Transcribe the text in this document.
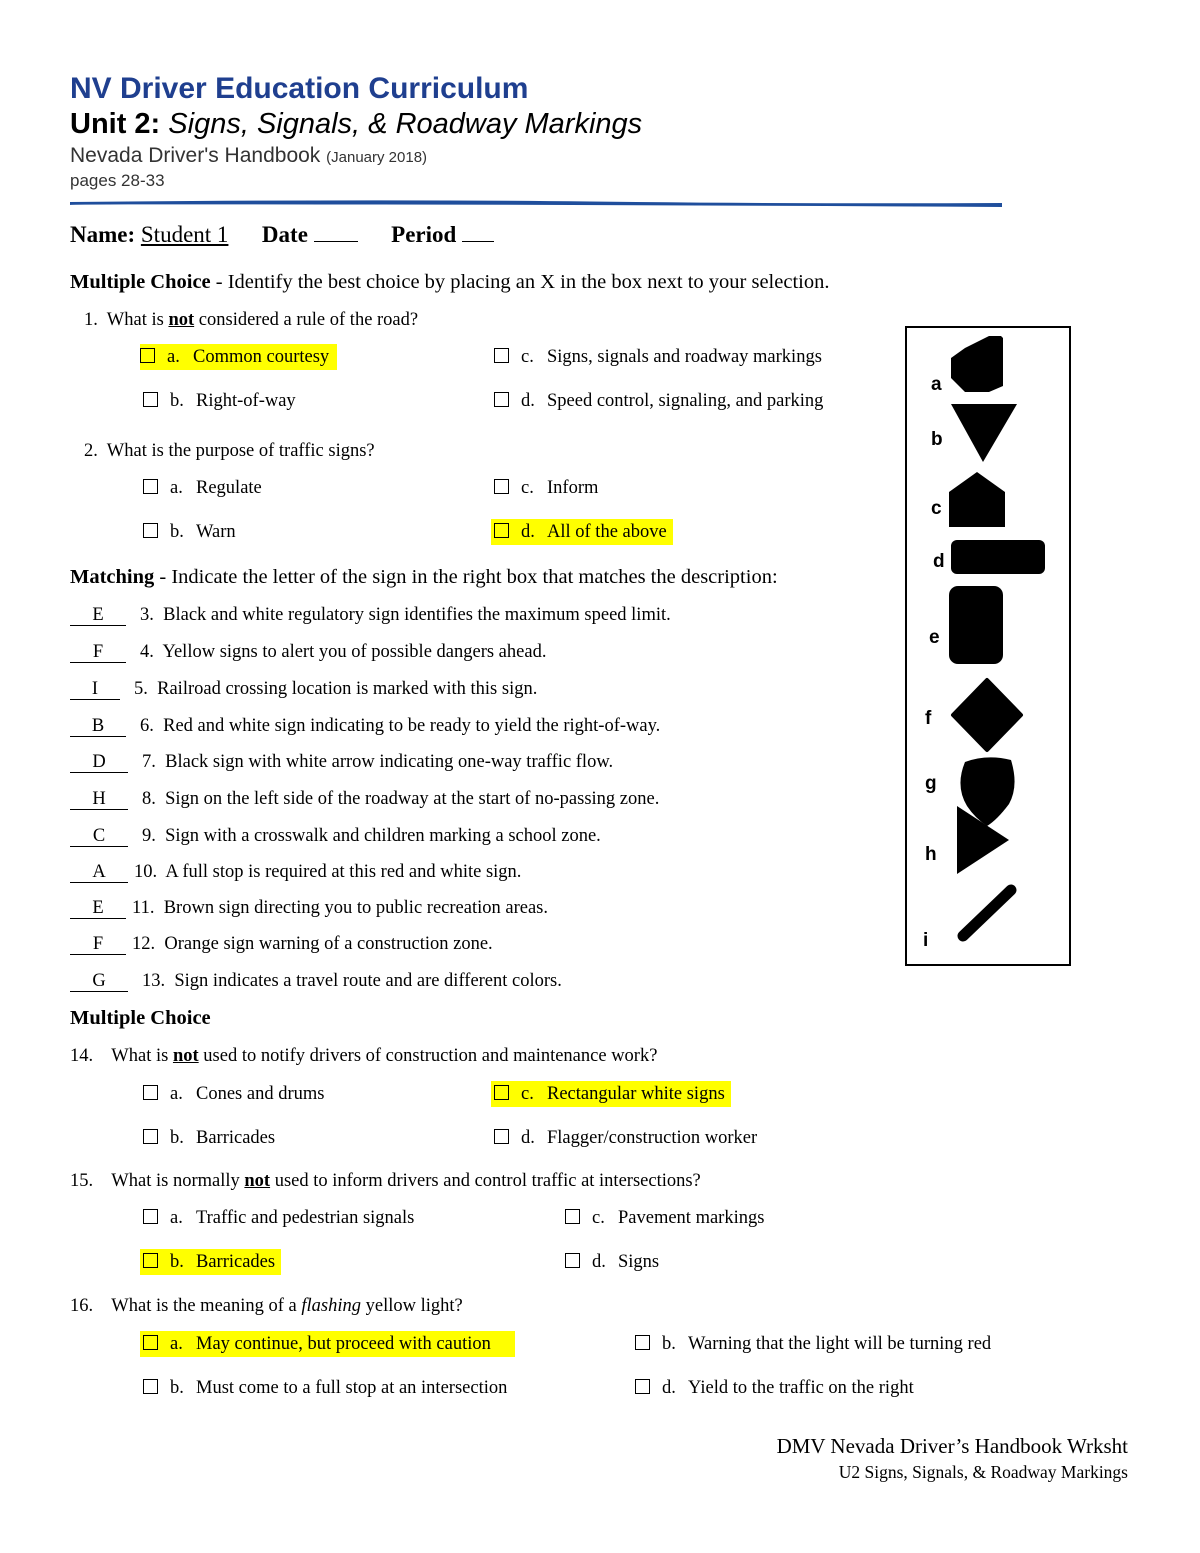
NV Driver Education Curriculum
Unit 2: Signs, Signals, & Roadway Markings
Nevada Driver's Handbook (January 2018)
pages 28-33
Name: Student 1 Date	Period
Multiple Choice - Identify the best choice by placing an X in the box next to your selection.
1. What is not considered a rule of the road?
a. Common courtesy	c. Signs, signals and roadway markings
b. Right-of-way	d. Speed control, signaling, and parking
2. What is the purpose of traffic signs?
a. Regulate	c. Inform
b. Warn	d. All of the above
Matching - Indicate the letter of the sign in the right box that matches the description:
E 3. Black and white regulatory sign identifies the maximum speed limit.
F 4. Yellow signs to alert you of possible dangers ahead.
I 5. Railroad crossing location is marked with this sign.
B 6. Red and white sign indicating to be ready to yield the right-of-way.
D 7. Black sign with white arrow indicating one-way traffic flow.
H 8. Sign on the left side of the roadway at the start of no-passing zone.
C 9. Sign with a crosswalk and children marking a school zone.
A 10. A full stop is required at this red and white sign.
E 11. Brown sign directing you to public recreation areas.
F 12. Orange sign warning of a construction zone.
G 13. Sign indicates a travel route and are different colors.
a
b
c
d
e
f
g
h
i
Multiple Choice
14. What is not used to notify drivers of construction and maintenance work?
a. Cones and drums	c. Rectangular white signs
b. Barricades	d. Flagger/construction worker
15. What is normally not used to inform drivers and control traffic at intersections?
a. Traffic and pedestrian signals	c. Pavement markings
b. Barricades	d. Signs
16. What is the meaning of a flashing yellow light?
a. May continue, but proceed with caution	b. Warning that the light will be turning red
b. Must come to a full stop at an intersection	d. Yield to the traffic on the right
DMV Nevada Driver’s Handbook Wrksht
U2 Signs, Signals, & Roadway Markings
